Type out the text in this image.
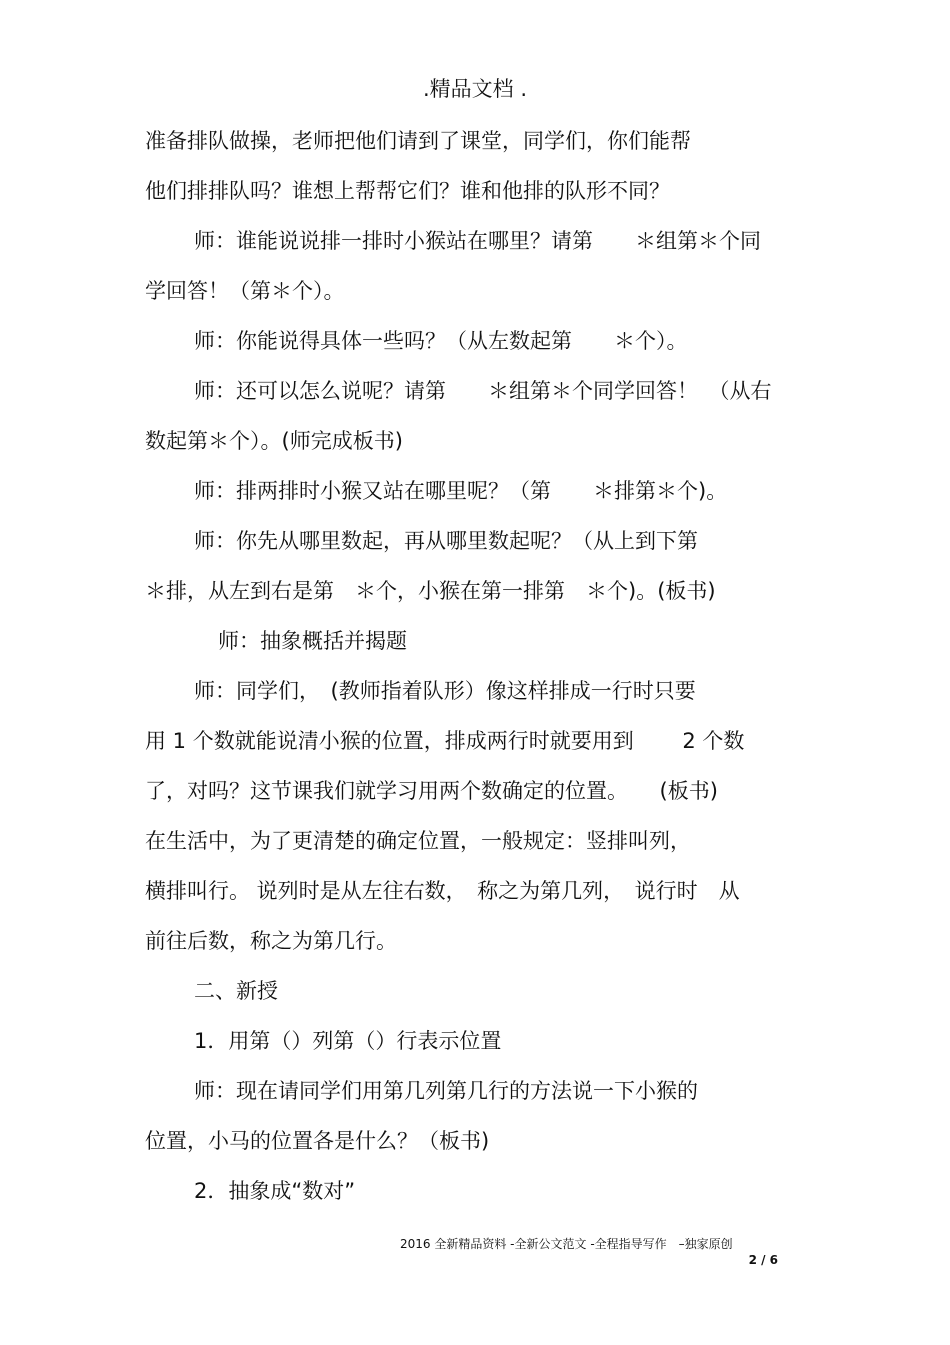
.精品文档 .
准备排队做操，老师把他们请到了课堂，同学们，你们能帮
他们排排队吗？谁想上帮帮它们？谁和他排的队形不同？
师：谁能说说排一排时小猴站在哪里？请第　　＊组第＊个同
学回答！（第＊个）。
师：你能说得具体一些吗？（从左数起第　　＊个）。
师：还可以怎么说呢？请第　　＊组第＊个同学回答！　（从右
数起第＊个）。(师完成板书)
师：排两排时小猴又站在哪里呢？（第　　＊排第＊个)。
师：你先从哪里数起，再从哪里数起呢？（从上到下第
＊排，从左到右是第　＊个，小猴在第一排第　＊个)。(板书)
师：抽象概括并揭题
师：同学们，　(教师指着队形）像这样排成一行时只要
用 1 个数就能说清小猴的位置，排成两行时就要用到　　 2 个数
了，对吗？这节课我们就学习用两个数确定的位置。　　(板书)
在生活中，为了更清楚的确定位置，一般规定：竖排叫列，
横排叫行。 说列时是从左往右数，　称之为第几列，　说行时　从
前往后数，称之为第几行。
二、新授
1．用第（）列第（）行表示位置
师：现在请同学们用第几列第几行的方法说一下小猴的
位置，小马的位置各是什么？（板书)
2．抽象成“数对”
2016 全新精品资料 -全新公文范文 -全程指导写作　–独家原创
2 / 6
